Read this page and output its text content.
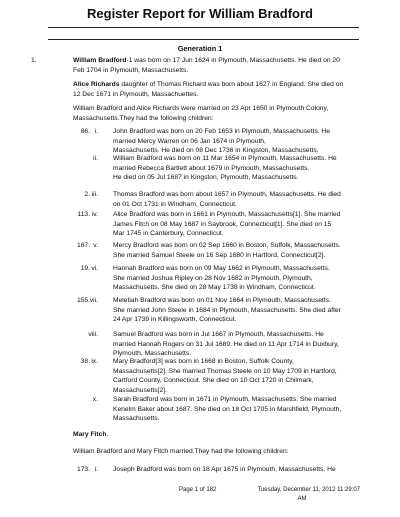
Register Report for William Bradford
Generation 1
1.	William Bradford-1 was born on 17 Jun 1624 in Plymouth, Massachusetts. He died on 20
Feb 1704 in Plymouth, Massachusetts.
Alice Richards daughter of Thomas Richard was born about 1627 in England. She died on
12 Dec 1671 in Plymouth, Massachuettes.
William Bradford and Alice Richards were married on 23 Apr 1650 in Plymouth Colony,
Massachusetts.They had the following children:
86. i. John Bradford was born on 20 Feb 1653 in Plymouth, Massachusetts. He
married Mercy Warren on 06 Jan 1674 in Plymouth,
Massachusetts. He died on 08 Dec 1736 in Kingston, Massachusetts.
ii. William Bradford was born on 11 Mar 1654 in Plymouth, Massachusetts. He
married Rebecca Bartlett about 1679 in Plymouth, Massachusetts.
He died on 05 Jul 1687 in Kingston, Plymouth, Massachusetts.
2. iii. Thomas Bradford was born about 1657 in Plymouth, Massachusetts. He died
on 01 Oct 1731 in Windham, Connecticut.
113. iv. Alice Bradford was born in 1661 in Plymouth, Massachusetts[1]. She married
James Fitch on 08 May 1687 in Saybrook, Connecticut[1]. She died on 15
Mar 1745 in Canterbury, Connecticut.
167. v. Mercy Bradford was born on 02 Sep 1660 in Boston, Suffolk, Massachusetts.
She married Samuel Steele on 16 Sep 1680 in Hartford, Connecticut[2].
19. vi. Hannah Bradford was born on 09 May 1662 in Plymouth, Massachusetts.
She married Joshua Ripley on 28 Nov 1682 in Plymouth, Plymouth,
Massachusetts. She died on 28 May 1738 in Windham, Connecticut.
155. vii. Meletiah Bradford was born on 01 Nov 1664 in Plymouth, Massachusetts.
She married John Steele in 1684 in Plymouth, Massachusetts. She died after
24 Apr 1739 in Killingsworth, Connecticut.
viii. Samuel Bradford was born in Jul 1667 in Plymouth, Massachusetts. He
married Hannah Rogers on 31 Jul 1689. He died on 11 Apr 1714 in Duxbury,
Plymouth, Massachusetts.
38. ix. Mary Bradford[3] was born in 1668 in Boston, Suffolk County,
Massachusetts[2]. She married Thomas Steele on 10 May 1709 in Hartford,
Cartford County, Connecticut. She died on 10 Oct 1720 in Chilmark,
Massachusetts[2].
x. Sarah Bradford was born in 1671 in Plymouth, Massachusetts. She married
Kenelm Baker about 1687. She died on 18 Oct 1705 in Marshfield, Plymouth,
Massachusetts.
Mary Fitch.
William Bradford and Mary Fitch married.They had the following children:
173. i. Joseph Bradford was born on 18 Apr 1675 in Plymouth, Massachusetts. He
Page 1 of 182	Tuesday, December 11, 2012 11:29:07

AM
